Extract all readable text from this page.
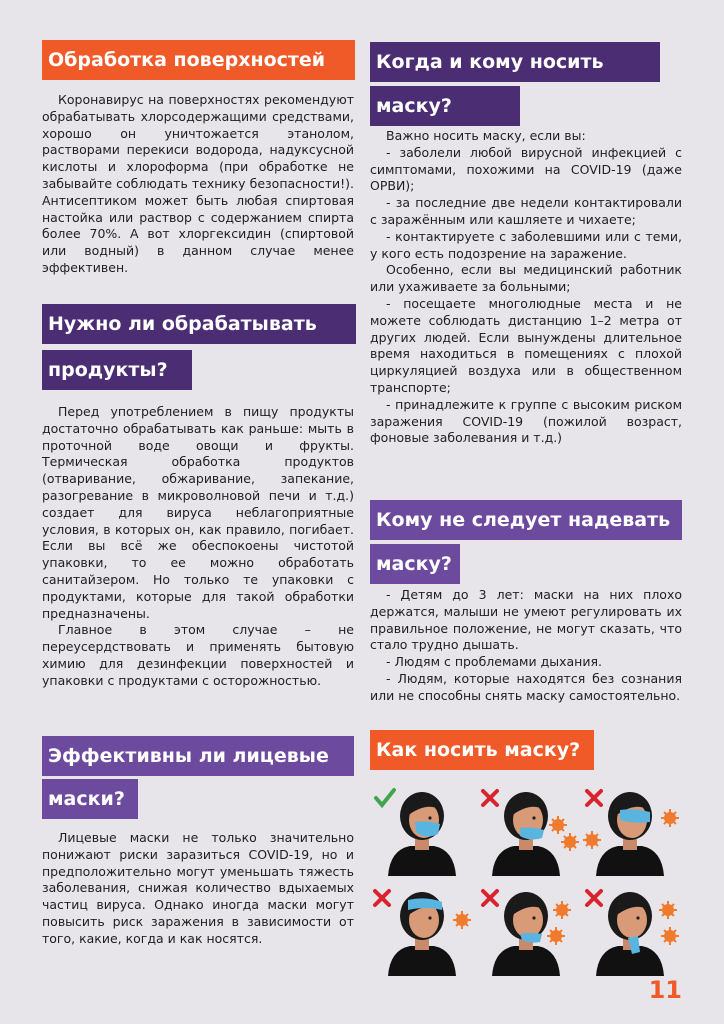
Обработка поверхностей
Коронавирус на поверхностях рекомендуют обрабатывать хлорсодержащими средствами, хорошо он уничтожается этанолом, растворами перекиси водорода, надуксусной кислоты и хлороформа (при обработке не забывайте соблюдать технику безопасности!). Антисептиком может быть любая спиртовая настойка или раствор с содержанием спирта более 70%. А вот хлоргексидин (спиртовой или водный) в данном случае менее эффективен.
Нужно ли обрабатывать
продукты?

Перед употреблением в пищу продукты достаточно обрабатывать как раньше: мыть в проточной воде овощи и фрукты. Термическая обработка продуктов (отваривание, обжаривание, запекание, разогревание в микроволновой печи и т.д.) создает для вируса неблагоприятные условия, в которых он, как правило, погибает. Если вы всё же обеспокоены чистотой упаковки, то ее можно обработать санитайзером. Но только те упаковки с продуктами, которые для такой обработки предназначены.

Главное в этом случае – не переусердствовать и применять бытовую химию для дезинфекции поверхностей и упаковки с продуктами с осторожностью.

Эффективны ли лицевые
маски?
Лицевые маски не только значительно понижают риски заразиться COVID-19, но и предположительно могут уменьшать тяжесть заболевания, снижая количество вдыхаемых частиц вируса. Однако иногда маски могут повысить риск заражения в зависимости от того, какие, когда и как носятся.
Когда и кому носить
маску?

Важно носить маску, если вы:

- заболели любой вирусной инфекцией с симптомами, похожими на COVID-19 (даже ОРВИ);

- за последние две недели контактировали с заражённым или кашляете и чихаете;

- контактируете с заболевшими или с теми, у кого есть подозрение на заражение.

Особенно, если вы медицинский работник или ухаживаете за больными;

- посещаете многолюдные места и не можете соблюдать дистанцию 1–2 метра от других людей. Если вынуждены длительное время находиться в помещениях с плохой циркуляцией воздуха или в общественном транспорте;

- принадлежите к группе с высоким риском заражения COVID-19 (пожилой возраст, фоновые заболевания и т.д.)

Кому не следует надевать
маску?

- Детям до 3 лет: маски на них плохо держатся, малыши не умеют регулировать их правильное положение, не могут сказать, что стало трудно дышать.

- Людям с проблемами дыхания.

- Людям, которые находятся без сознания или не способны снять маску самостоятельно.

Как носить маску?
11
